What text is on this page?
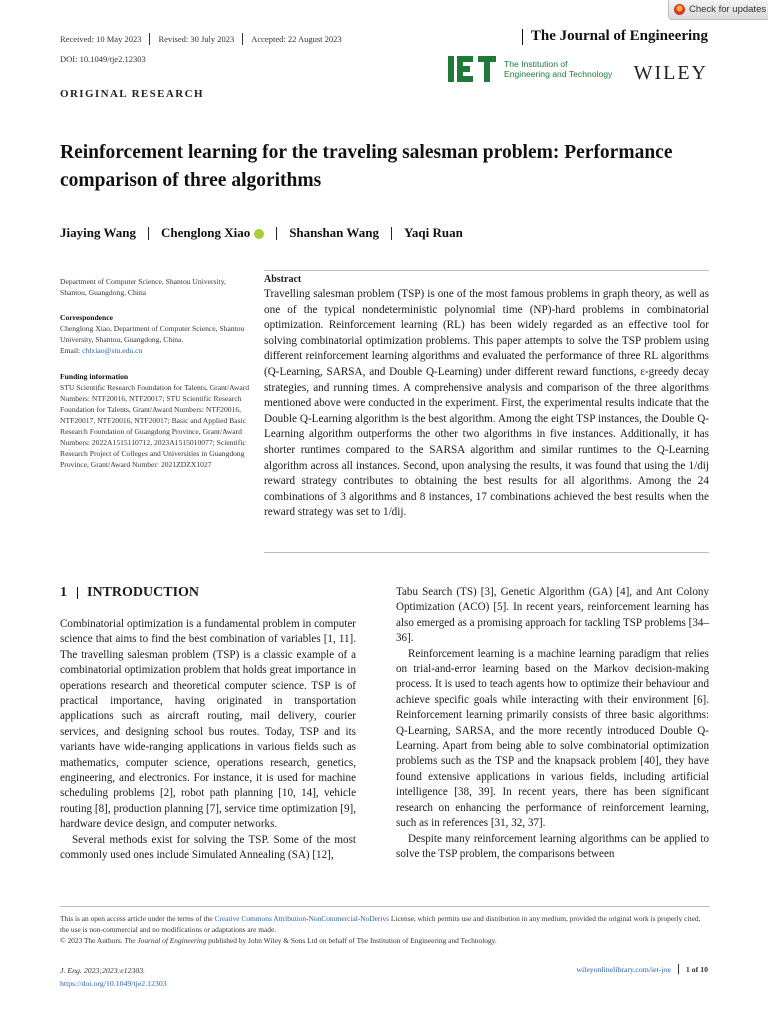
Check for updates
Received: 10 May 2023 Revised: 30 July 2023 Accepted: 22 August 2023	The Journal of Engineering
DOI: 10.1049/tje2.12303
ORIGINAL RESEARCH
The Institution of
Engineering and Technology WILEY
Reinforcement learning for the traveling salesman problem: Performance comparison of three algorithms
Jiaying Wang Chenglong Xiao	Shanshan Wang Yaqi Ruan

Department of Computer Science, Shantou University, Shantou, Guangdong, China

Correspondence

Chenglong Xiao, Department of Computer Science, Shantou University, Shantou, Guangdong, China.

Email: chlxiao@stu.edu.cn

Funding information

STU Scientific Research Foundation for Talents, Grant/Award Numbers: NTF20016, NTF20017; STU Scientific Research Foundation for Talents, Grant/Award Numbers: NTF20016, NTF20017, NTF20016, NTF20017; Basic and Applied Basic Research Foundation of Guangdong Province, Grant/Award Numbers: 2022A1515110712, 2023A1515010077; Scientific Research Project of Colleges and Universities in Guangdong Province, Grant/Award Number: 2021ZDZX1027

Abstract

Travelling salesman problem (TSP) is one of the most famous problems in graph theory, as well as one of the typical nondeterministic polynomial time (NP)-hard problems in combinatorial optimization. Reinforcement learning (RL) has been widely regarded as an effective tool for solving combinatorial optimization problems. This paper attempts to solve the TSP problem using different reinforcement learning algorithms and evaluated the performance of three RL algorithms (Q-Learning, SARSA, and Double Q-Learning) under different reward functions, ε-greedy decay strategies, and running times. A comprehensive analysis and comparison of the three algorithms mentioned above were conducted in the experiment. First, the experimental results indicate that the Double Q-Learning algorithm is the best algorithm. Among the eight TSP instances, the Double Q-Learning algorithm outperforms the other two algorithms in five instances. Additionally, it has shorter runtimes compared to the SARSA algorithm and similar runtimes to the Q-Learning algorithm across all instances. Second, upon analysing the results, it was found that using the 1/dij reward strategy contributes to obtaining the best results for all algorithms. Among the 24 combinations of 3 algorithms and 8 instances, 17 combinations achieved the best results when the reward strategy was set to 1/dij.

1 INTRODUCTION

Combinatorial optimization is a fundamental problem in computer science that aims to find the best combination of variables [1, 11]. The travelling salesman problem (TSP) is a classic example of a combinatorial optimization problem that holds great importance in operations research and theoretical computer science. TSP is of practical importance, having originated in transportation applications such as aircraft routing, mail delivery, courier services, and designing school bus routes. Today, TSP and its variants have wide-ranging applications in various fields such as mathematics, computer science, operations research, genetics, engineering, and electronics. For instance, it is used for machine scheduling problems [2], robot path planning [10, 14], vehicle routing [8], production planning [7], service time optimization [9], hardware device design, and computer networks.

Several methods exist for solving the TSP. Some of the most commonly used ones include Simulated Annealing (SA) [12],

Tabu Search (TS) [3], Genetic Algorithm (GA) [4], and Ant Colony Optimization (ACO) [5]. In recent years, reinforcement learning has also emerged as a promising approach for tackling TSP problems [34–36].

Reinforcement learning is a machine learning paradigm that relies on trial-and-error learning based on the Markov decision-making process. It is used to teach agents how to optimize their behaviour and achieve specific goals while interacting with their environment [6]. Reinforcement learning primarily consists of three basic algorithms: Q-Learning, SARSA, and the more recently introduced Double Q-Learning. Apart from being able to solve combinatorial optimization problems such as the TSP and the knapsack problem [40], they have found extensive applications in various fields, including artificial intelligence [38, 39]. In recent years, there has been significant research on enhancing the performance of reinforcement learning, such as in references [31, 32, 37].

Despite many reinforcement learning algorithms can be applied to solve the TSP problem, the comparisons between

This is an open access article under the terms of the Creative Commons Attribution-NonCommercial-NoDerivs License, which permits use and distribution in any medium, provided the original work is properly cited, the use is non-commercial and no modifications or adaptations are made.

© 2023 The Authors. The Journal of Engineering published by John Wiley & Sons Ltd on behalf of The Institution of Engineering and Technology.

J. Eng. 2023;2023:e12303.
https://doi.org/10.1049/tje2.12303
wileyonlinelibrary.com/iet-joe 1 of 10
